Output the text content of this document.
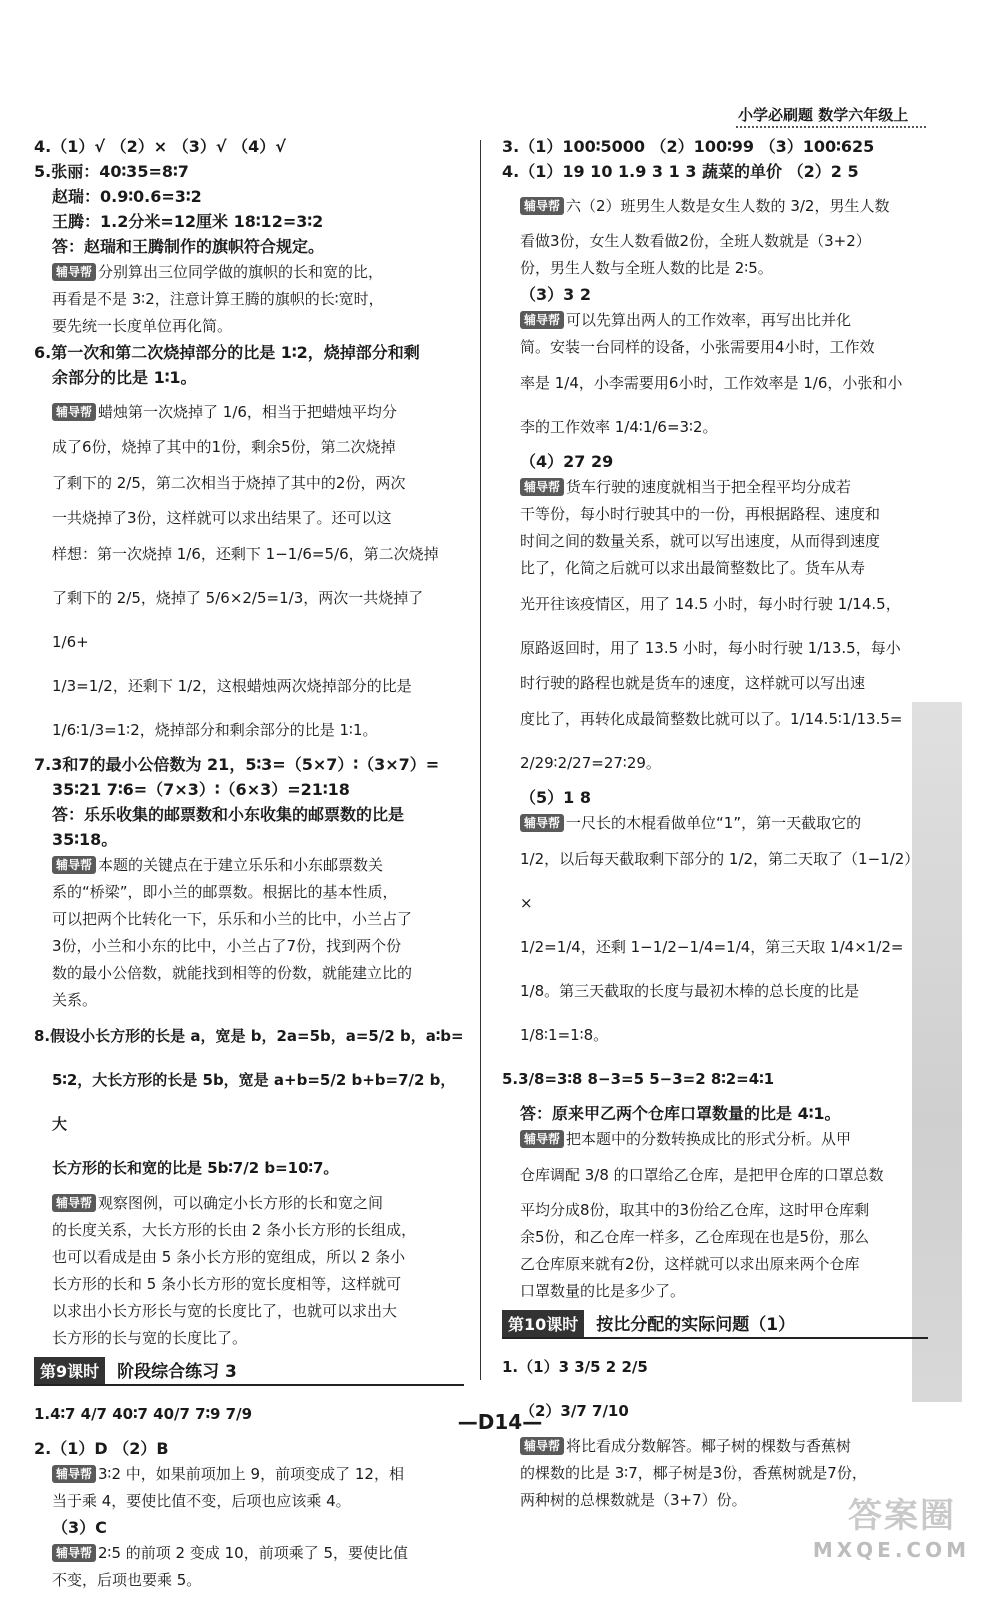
小学必刷题 数学六年级上
4.（1）√ （2）× （3）√ （4）√
5.张丽：40∶35=8∶7
赵瑞：0.9∶0.6=3∶2
王腾：1.2分米=12厘米 18∶12=3∶2
答：赵瑞和王腾制作的旗帜符合规定。
辅导帮 分别算出三位同学做的旗帜的长和宽的比，
再看是不是 3∶2，注意计算王腾的旗帜的长∶宽时，
要先统一长度单位再化简。
6.第一次和第二次烧掉部分的比是 1∶2，烧掉部分和剩
余部分的比是 1∶1。
辅导帮 蜡烛第一次烧掉了 1/6，相当于把蜡烛平均分
成了6份，烧掉了其中的1份，剩余5份，第二次烧掉
了剩下的 2/5，第二次相当于烧掉了其中的2份，两次
一共烧掉了3份，这样就可以求出结果了。还可以这
样想：第一次烧掉 1/6，还剩下 1−1/6=5/6，第二次烧掉
了剩下的 2/5，烧掉了 5/6×2/5=1/3，两次一共烧掉了 1/6+
1/3=1/2，还剩下 1/2，这根蜡烛两次烧掉部分的比是
1/6∶1/3=1∶2，烧掉部分和剩余部分的比是 1∶1。
7.3和7的最小公倍数为 21，5∶3=（5×7）∶（3×7）=
35∶21 7∶6=（7×3）∶（6×3）=21∶18
答：乐乐收集的邮票数和小东收集的邮票数的比是 35∶18。
辅导帮 本题的关键点在于建立乐乐和小东邮票数关
系的“桥梁”，即小兰的邮票数。根据比的基本性质，
可以把两个比转化一下，乐乐和小兰的比中，小兰占了
3份，小兰和小东的比中，小兰占了7份，找到两个份
数的最小公倍数，就能找到相等的份数，就能建立比的
关系。
8.假设小长方形的长是 a，宽是 b，2a=5b，a=5/2 b，a∶b=
5∶2，大长方形的长是 5b，宽是 a+b=5/2 b+b=7/2 b，大
长方形的长和宽的比是 5b∶7/2 b=10∶7。
辅导帮 观察图例，可以确定小长方形的长和宽之间
的长度关系，大长方形的长由 2 条小长方形的长组成，
也可以看成是由 5 条小长方形的宽组成，所以 2 条小
长方形的长和 5 条小长方形的宽长度相等，这样就可
以求出小长方形长与宽的长度比了，也就可以求出大
长方形的长与宽的长度比了。
第9课时	阶段综合练习 3
1.4∶7 4/7 40∶7 40/7 7∶9 7/9
2.（1）D （2）B
辅导帮 3∶2 中，如果前项加上 9，前项变成了 12，相
当于乘 4，要使比值不变，后项也应该乘 4。
（3）C
辅导帮 2∶5 的前项 2 变成 10，前项乘了 5，要使比值
不变，后项也要乘 5。
3.（1）100∶5000 （2）100∶99 （3）100∶625
4.（1）19 10 1.9 3 1 3 蔬菜的单价 （2）2 5
辅导帮 六（2）班男生人数是女生人数的 3/2，男生人数
看做3份，女生人数看做2份，全班人数就是（3+2）
份，男生人数与全班人数的比是 2∶5。
（3）3 2
辅导帮 可以先算出两人的工作效率，再写出比并化
简。安装一台同样的设备，小张需要用4小时，工作效
率是 1/4，小李需要用6小时，工作效率是 1/6，小张和小
李的工作效率 1/4∶1/6=3∶2。
（4）27 29
辅导帮 货车行驶的速度就相当于把全程平均分成若
干等份，每小时行驶其中的一份，再根据路程、速度和
时间之间的数量关系，就可以写出速度，从而得到速度
比了，化简之后就可以求出最简整数比了。货车从寿
光开往该疫情区，用了 14.5 小时，每小时行驶 1/14.5，
原路返回时，用了 13.5 小时，每小时行驶 1/13.5，每小
时行驶的路程也就是货车的速度，这样就可以写出速
度比了，再转化成最简整数比就可以了。1/14.5∶1/13.5=
2/29∶2/27=27∶29。
（5）1 8
辅导帮 一尺长的木棍看做单位“1”，第一天截取它的
1/2，以后每天截取剩下部分的 1/2，第二天取了（1−1/2）×
1/2=1/4，还剩 1−1/2−1/4=1/4，第三天取 1/4×1/2=
1/8。第三天截取的长度与最初木棒的总长度的比是
1/8∶1=1∶8。
5.3/8=3∶8 8−3=5 5−3=2 8∶2=4∶1
答：原来甲乙两个仓库口罩数量的比是 4∶1。
辅导帮 把本题中的分数转换成比的形式分析。从甲
仓库调配 3/8 的口罩给乙仓库，是把甲仓库的口罩总数
平均分成8份，取其中的3份给乙仓库，这时甲仓库剩
余5份，和乙仓库一样多，乙仓库现在也是5份，那么
乙仓库原来就有2份，这样就可以求出原来两个仓库
口罩数量的比是多少了。
第10课时	按比分配的实际问题（1）
1.（1）3 3/5 2 2/5
（2）3/7 7/10
辅导帮 将比看成分数解答。椰子树的棵数与香蕉树
的棵数的比是 3∶7，椰子树是3份，香蕉树就是7份，
两种树的总棵数就是（3+7）份。
—D14—
答案圈
MXQE.COM
